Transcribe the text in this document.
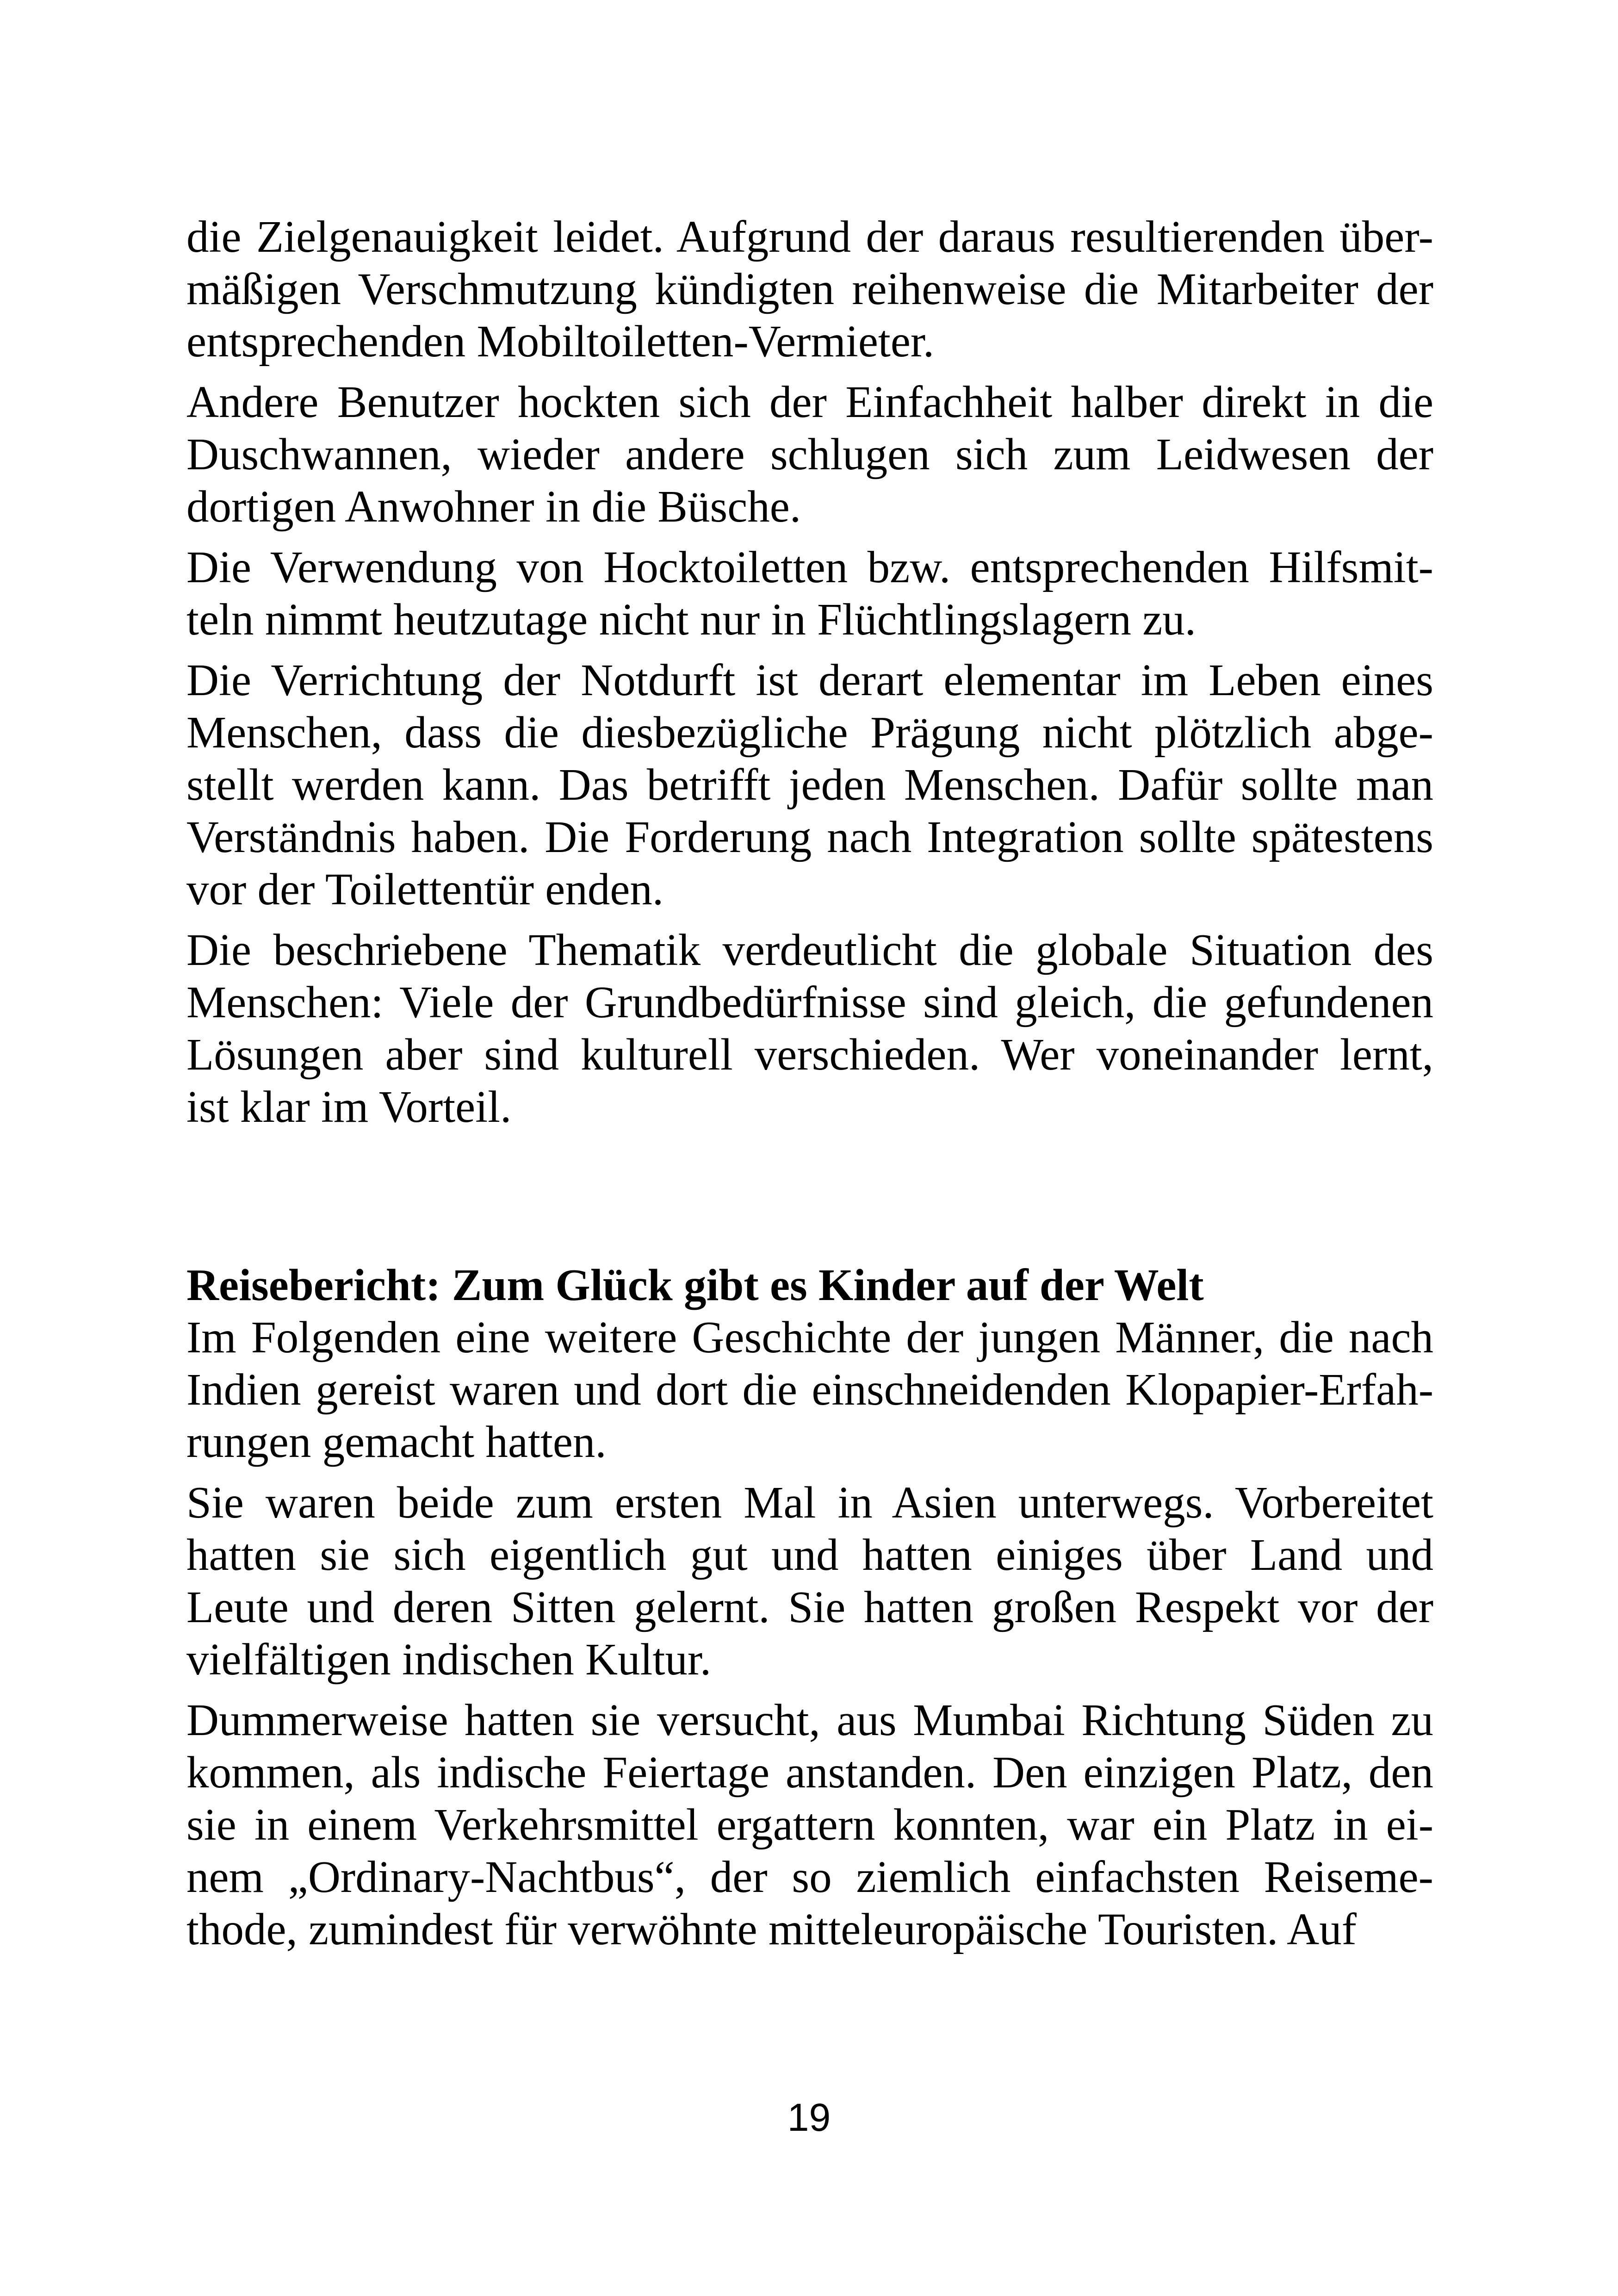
die Zielgenauigkeit leidet. Aufgrund der daraus resultierenden über-
mäßigen Verschmutzung kündigten reihenweise die Mitarbeiter der
entsprechenden Mobiltoiletten-Vermieter.
Andere Benutzer hockten sich der Einfachheit halber direkt in die
Duschwannen, wieder andere schlugen sich zum Leidwesen der
dortigen Anwohner in die Büsche.
Die Verwendung von Hocktoiletten bzw. entsprechenden Hilfsmit-
teln nimmt heutzutage nicht nur in Flüchtlingslagern zu.
Die Verrichtung der Notdurft ist derart elementar im Leben eines
Menschen, dass die diesbezügliche Prägung nicht plötzlich abge-
stellt werden kann. Das betrifft jeden Menschen. Dafür sollte man
Verständnis haben. Die Forderung nach Integration sollte spätestens
vor der Toilettentür enden.
Die beschriebene Thematik verdeutlicht die globale Situation des
Menschen: Viele der Grundbedürfnisse sind gleich, die gefundenen
Lösungen aber sind kulturell verschieden. Wer voneinander lernt,
ist klar im Vorteil.
Reisebericht: Zum Glück gibt es Kinder auf der Welt
Im Folgenden eine weitere Geschichte der jungen Männer, die nach
Indien gereist waren und dort die einschneidenden Klopapier-Erfah-
rungen gemacht hatten.
Sie waren beide zum ersten Mal in Asien unterwegs. Vorbereitet
hatten sie sich eigentlich gut und hatten einiges über Land und
Leute und deren Sitten gelernt. Sie hatten großen Respekt vor der
vielfältigen indischen Kultur.
Dummerweise hatten sie versucht, aus Mumbai Richtung Süden zu
kommen, als indische Feiertage anstanden. Den einzigen Platz, den
sie in einem Verkehrsmittel ergattern konnten, war ein Platz in ei-
nem „Ordinary-Nachtbus“, der so ziemlich einfachsten Reiseme-
thode, zumindest für verwöhnte mitteleuropäische Touristen. Auf
19
